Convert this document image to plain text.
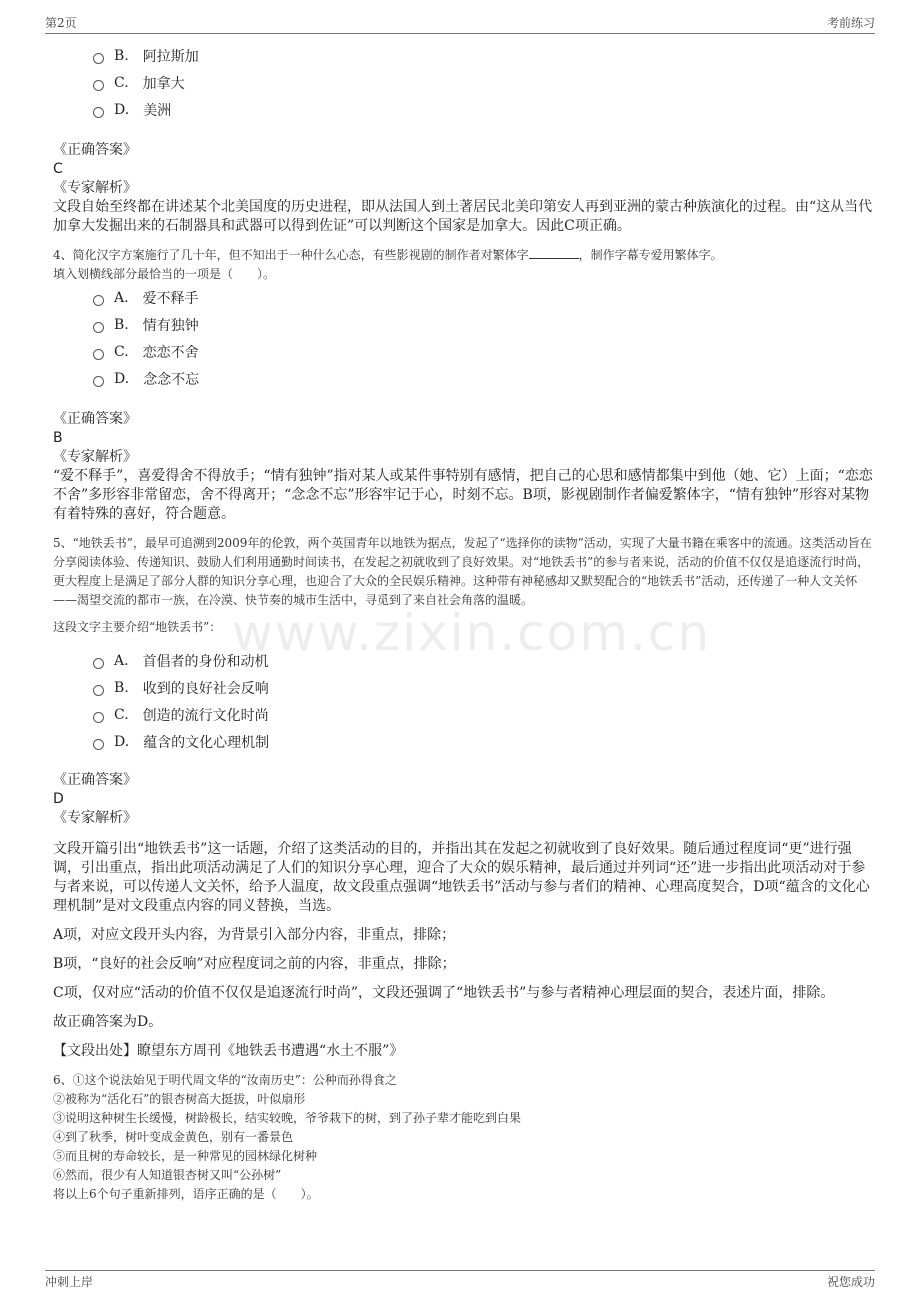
第2页	考前练习
www.zixin.com.cn
B. 阿拉斯加
C. 加拿大
D. 美洲
《正确答案》
C
《专家解析》
文段自始至终都在讲述某个北美国度的历史进程，即从法国人到土著居民北美印第安人再到亚洲的蒙古种族演化的过程。由“这从当代加拿大发掘出来的石制器具和武器可以得到佐证”可以判断这个国家是加拿大。因此C项正确。
4、简化汉字方案施行了几十年，但不知出于一种什么心态，有些影视剧的制作者对繁体字	，制作字幕专爱用繁体字。
填入划横线部分最恰当的一项是（　　）。
A. 爱不释手
B. 情有独钟
C. 恋恋不舍
D. 念念不忘
《正确答案》
B
《专家解析》
“爱不释手”，喜爱得舍不得放手；“情有独钟”指对某人或某件事特别有感情，把自己的心思和感情都集中到他（她、它）上面；“恋恋不舍”多形容非常留恋，舍不得离开；“念念不忘”形容牢记于心，时刻不忘。B项，影视剧制作者偏爱繁体字，“情有独钟”形容对某物有着特殊的喜好，符合题意。
5、“地铁丢书”，最早可追溯到2009年的伦敦，两个英国青年以地铁为据点，发起了“选择你的读物”活动，实现了大量书籍在乘客中的流通。这类活动旨在分享阅读体验、传递知识、鼓励人们利用通勤时间读书，在发起之初就收到了良好效果。对“地铁丢书”的参与者来说，活动的价值不仅仅是追逐流行时尚，更大程度上是满足了部分人群的知识分享心理，也迎合了大众的全民娱乐精神。这种带有神秘感却又默契配合的“地铁丢书”活动，还传递了一种人文关怀——渴望交流的都市一族，在冷漠、快节奏的城市生活中，寻觅到了来自社会角落的温暖。
这段文字主要介绍“地铁丢书”：
A. 首倡者的身份和动机
B. 收到的良好社会反响
C. 创造的流行文化时尚
D. 蕴含的文化心理机制
《正确答案》
D
《专家解析》
文段开篇引出“地铁丢书”这一话题，介绍了这类活动的目的，并指出其在发起之初就收到了良好效果。随后通过程度词“更”进行强调，引出重点，指出此项活动满足了人们的知识分享心理，迎合了大众的娱乐精神，最后通过并列词“还”进一步指出此项活动对于参与者来说，可以传递人文关怀，给予人温度，故文段重点强调“地铁丢书”活动与参与者们的精神、心理高度契合，D项“蕴含的文化心理机制”是对文段重点内容的同义替换，当选。
A项，对应文段开头内容，为背景引入部分内容，非重点，排除；
B项，“良好的社会反响”对应程度词之前的内容，非重点，排除；
C项，仅对应“活动的价值不仅仅是追逐流行时尚”，文段还强调了“地铁丢书”与参与者精神心理层面的契合，表述片面，排除。
故正确答案为D。
【文段出处】瞭望东方周刊《地铁丢书遭遇“水土不服”》
6、①这个说法始见于明代周文华的“汝南历史”：公种而孙得食之
②被称为“活化石”的银杏树高大挺拔，叶似扇形
③说明这种树生长缓慢，树龄极长，结实较晚，爷爷栽下的树，到了孙子辈才能吃到白果
④到了秋季，树叶变成金黄色，别有一番景色
⑤而且树的寿命较长，是一种常见的园林绿化树种
⑥然而，很少有人知道银杏树又叫“公孙树”
将以上6个句子重新排列，语序正确的是（　　）。
冲刺上岸	祝您成功
